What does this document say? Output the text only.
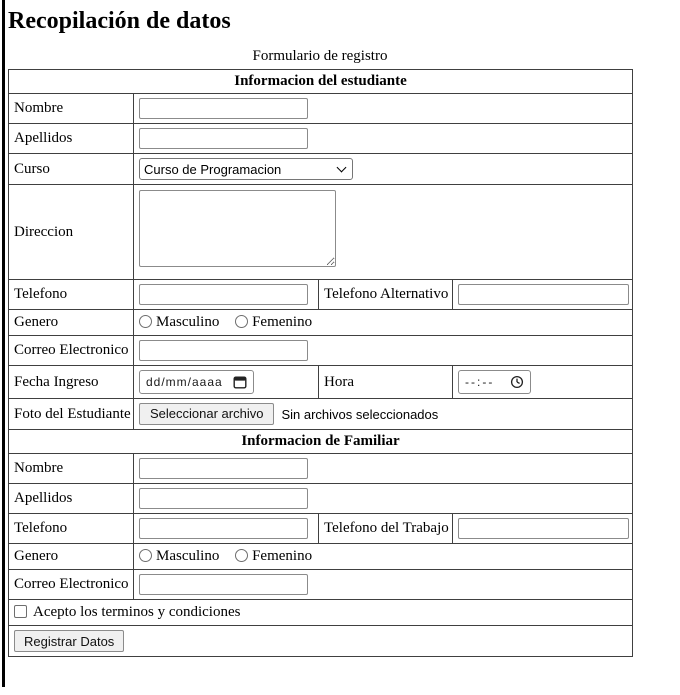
Recopilación de datos
Formulario de registro
Informacion del estudiante			
Nombre	
Apellidos	
Curso	Curso de Programacion		

Direccion	
Telefono		Telefono Alternativo	
Genero	Masculino Femenino		
Correo Electronico	
Fecha Ingreso	dd/mm/aaaa	Hora	--:--

Foto del Estudiante	Seleccionar archivo Sin archivos seleccionados		
Informacion de Familiar			
Nombre	
Apellidos	
Telefono		Telefono del Trabajo	
Genero	Masculino Femenino		
Correo Electronico	
Acepto los terminos y condiciones			
Registrar Datos			
